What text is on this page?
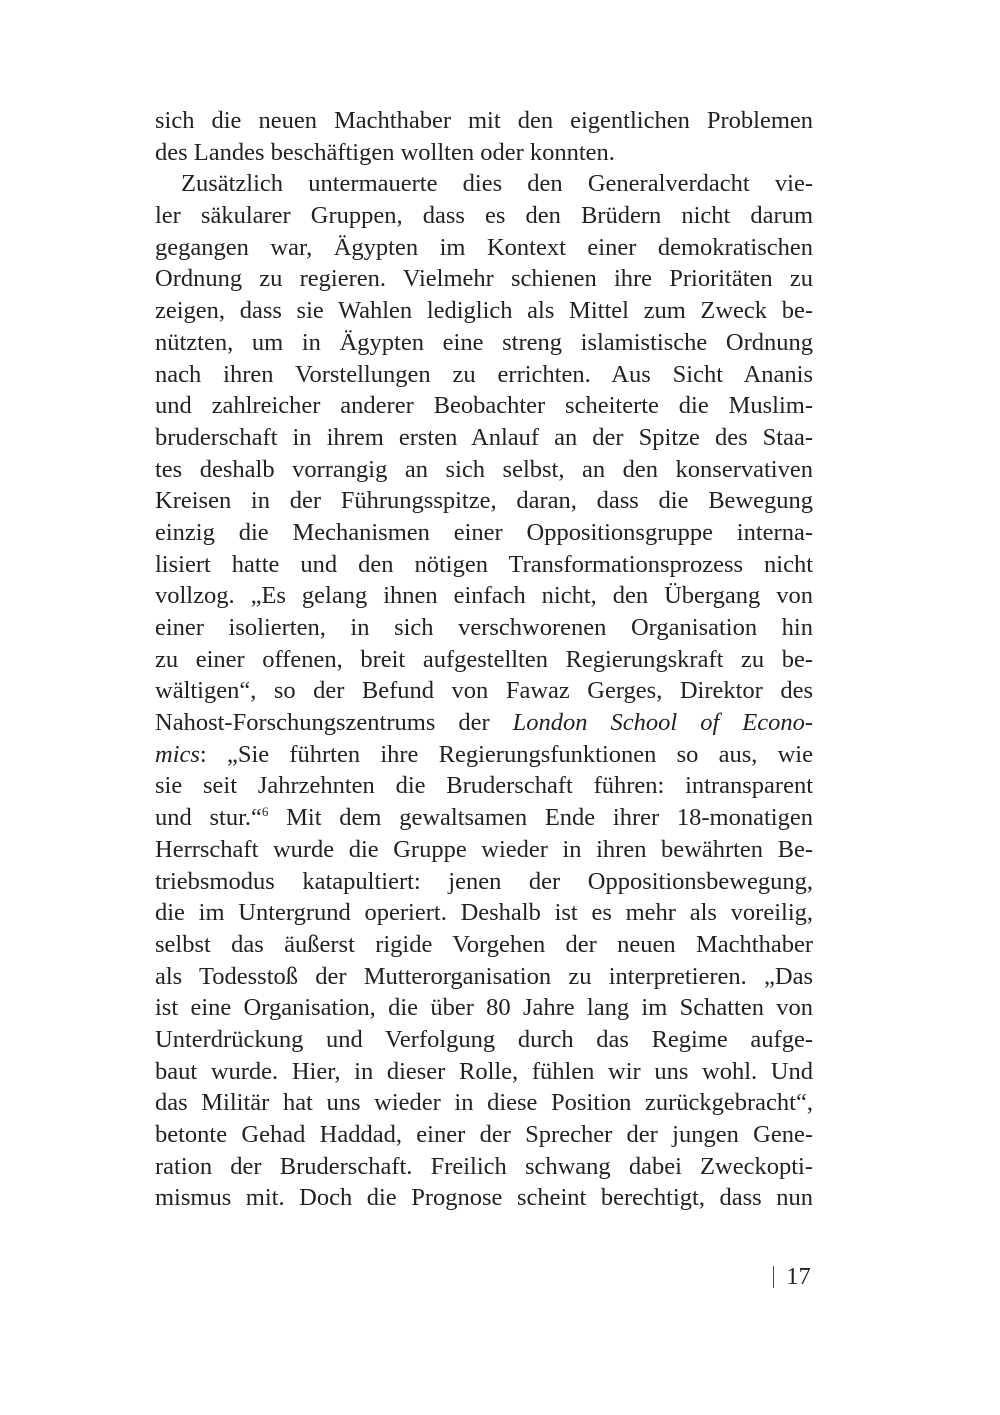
sich die neuen Machthaber mit den eigentlichen Problemen
des Landes beschäftigen wollten oder konnten.
Zusätzlich untermauerte dies den Generalverdacht vie-
ler säkularer Gruppen, dass es den Brüdern nicht darum
gegangen war, Ägypten im Kontext einer demokratischen
Ordnung zu regieren. Vielmehr schienen ihre Prioritäten zu
zeigen, dass sie Wahlen lediglich als Mittel zum Zweck be-
nützten, um in Ägypten eine streng islamistische Ordnung
nach ihren Vorstellungen zu errichten. Aus Sicht Ananis
und zahlreicher anderer Beobachter scheiterte die Muslim-
bruderschaft in ihrem ersten Anlauf an der Spitze des Staa-
tes deshalb vorrangig an sich selbst, an den konservativen
Kreisen in der Führungsspitze, daran, dass die Bewegung
einzig die Mechanismen einer Oppositionsgruppe interna-
lisiert hatte und den nötigen Transformationsprozess nicht
vollzog. „Es gelang ihnen einfach nicht, den Übergang von
einer isolierten, in sich verschworenen Organisation hin
zu einer offenen, breit aufgestellten Regierungskraft zu be-
wältigen“, so der Befund von Fawaz Gerges, Direktor des
Nahost-Forschungszentrums der London School of Econo-
mics: „Sie führten ihre Regierungsfunktionen so aus, wie
sie seit Jahrzehnten die Bruderschaft führen: intransparent
und stur.“$^6$ Mit dem gewaltsamen Ende ihrer 18-monatigen
Herrschaft wurde die Gruppe wieder in ihren bewährten Be-
triebsmodus katapultiert: jenen der Oppositionsbewegung,
die im Untergrund operiert. Deshalb ist es mehr als voreilig,
selbst das äußerst rigide Vorgehen der neuen Machthaber
als Todesstoß der Mutterorganisation zu interpretieren. „Das
ist eine Organisation, die über 80 Jahre lang im Schatten von
Unterdrückung und Verfolgung durch das Regime aufge-
baut wurde. Hier, in dieser Rolle, fühlen wir uns wohl. Und
das Militär hat uns wieder in diese Position zurückgebracht“,
betonte Gehad Haddad, einer der Sprecher der jungen Gene-
ration der Bruderschaft. Freilich schwang dabei Zweckopti-
mismus mit. Doch die Prognose scheint berechtigt, dass nun
17
